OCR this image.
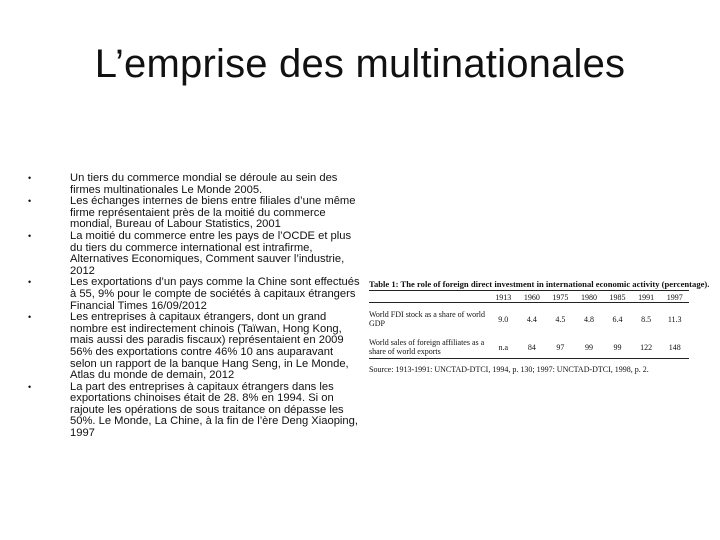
L’emprise des multinationales
•	Un tiers du commerce mondial se déroule au sein des firmes multinationales Le Monde 2005.
•	Les échanges internes de biens entre filiales d’une même firme représentaient près de la moitié du commerce mondial, Bureau of Labour Statistics, 2001
•	La moitié du commerce entre les pays de l’OCDE et plus du tiers du commerce international est intrafirme, Alternatives Economiques, Comment sauver l’industrie, 2012
•	Les exportations d’un pays comme la Chine sont effectués à 55, 9% pour le compte de sociétés à capitaux étrangers Financial Times 16/09/2012
•	Les entreprises à capitaux étrangers, dont un grand nombre est indirectement chinois (Taïwan, Hong Kong, mais aussi des paradis fiscaux) représentaient en 2009 56% des exportations contre 46% 10 ans auparavant selon un rapport de la banque Hang Seng, in Le Monde, Atlas du monde de demain, 2012
•	La part des entreprises à capitaux étrangers dans les exportations chinoises était de 28. 8% en 1994. Si on rajoute les opérations de sous traitance on dépasse les 50%. Le Monde, La Chine, à la fin de l’ère Deng Xiaoping, 1997
Table 1: The role of foreign direct investment in international economic activity (percentage).
	1913	1960	1975	1980	1985	1991	1997
World FDI stock as a share of world GDP	9.0	4.4	4.5	4.8	6.4	8.5	11.3
World sales of foreign affiliates as a share of world exports	n.a	84	97	99	99	122	148
Source: 1913-1991: UNCTAD-DTCI, 1994, p. 130; 1997: UNCTAD-DTCI, 1998, p. 2.
